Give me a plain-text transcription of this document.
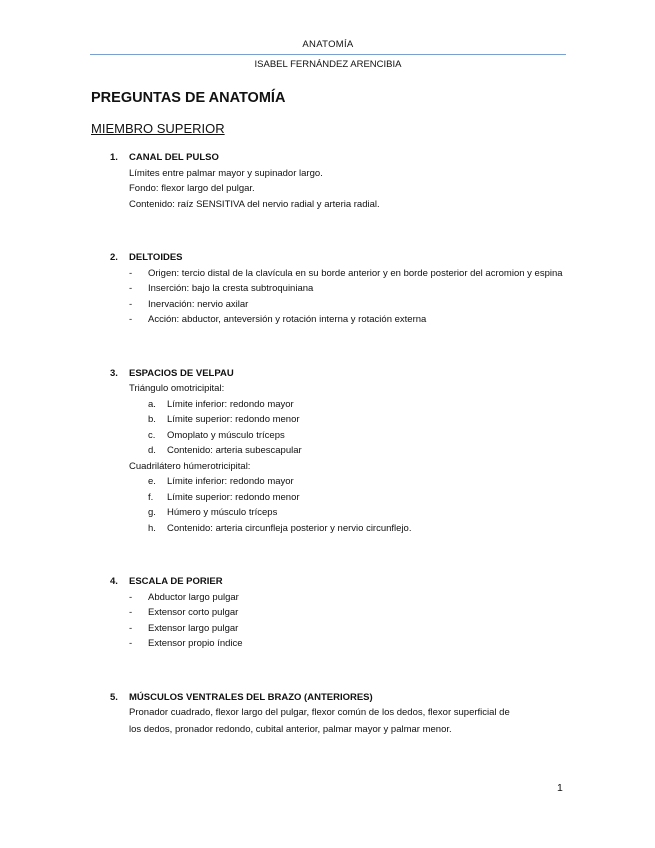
ANATOMÍA
ISABEL FERNÁNDEZ ARENCIBIA
PREGUNTAS DE ANATOMÍA
MIEMBRO SUPERIOR
1. CANAL DEL PULSO
Límites entre palmar mayor y supinador largo.
Fondo: flexor largo del pulgar.
Contenido: raíz SENSITIVA del nervio radial y arteria radial.
2. DELTOIDES
- Origen: tercio distal de la clavícula en su borde anterior y en borde posterior del acromion y espina
- Inserción: bajo la cresta subtroquiniana
- Inervación: nervio axilar
- Acción: abductor, anteversión y rotación interna y rotación externa
3. ESPACIOS DE VELPAU
Triángulo omotricipital:
a. Límite inferior: redondo mayor
b. Límite superior: redondo menor
c. Omoplato y músculo tríceps
d. Contenido: arteria subescapular
Cuadrilátero húmerotricipital:
e. Límite inferior: redondo mayor
f. Límite superior: redondo menor
g. Húmero y músculo tríceps
h. Contenido: arteria circunfleja posterior y nervio circunflejo.
4. ESCALA DE PORIER
- Abductor largo pulgar
- Extensor corto pulgar
- Extensor largo pulgar
- Extensor propio índice
5. MÚSCULOS VENTRALES DEL BRAZO (ANTERIORES)
Pronador cuadrado, flexor largo del pulgar, flexor común de los dedos, flexor superficial de
los dedos, pronador redondo, cubital anterior, palmar mayor y palmar menor.
1
